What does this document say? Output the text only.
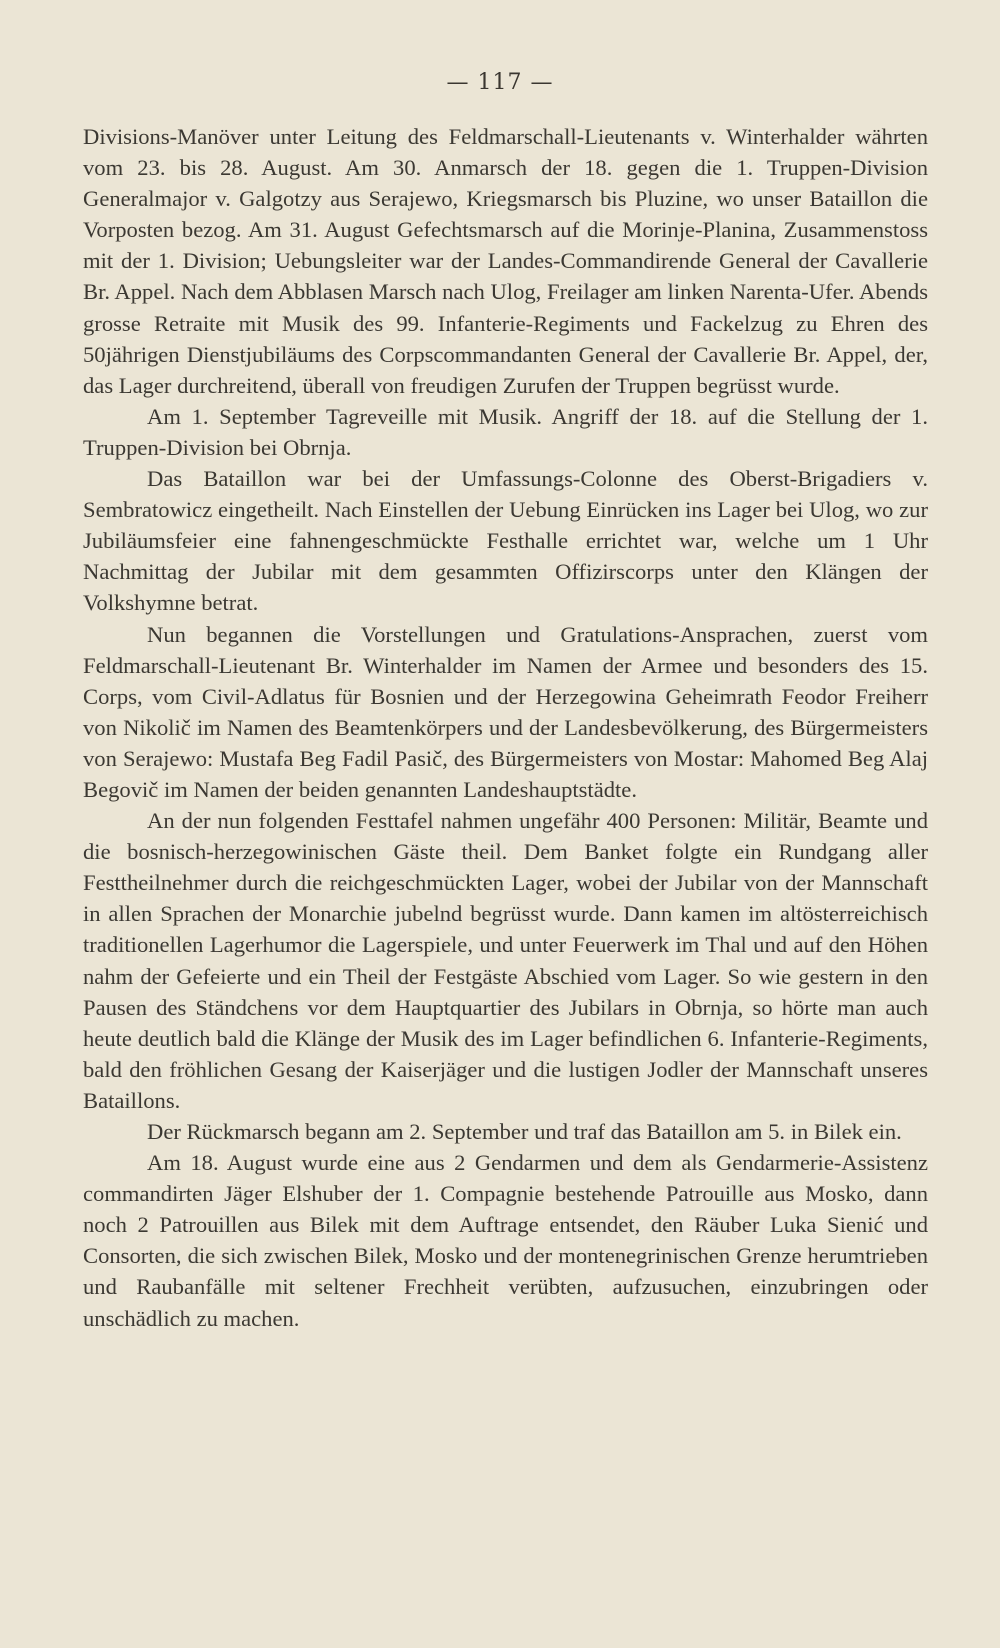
— 117 —

Divisions-Manöver unter Leitung des Feldmarschall-Lieutenants v. Winterhalder währten vom 23. bis 28. August. Am 30. Anmarsch der 18. gegen die 1. Truppen-Division Generalmajor v. Galgotzy aus Serajewo, Kriegsmarsch bis Pluzine, wo unser Bataillon die Vorposten bezog. Am 31. August Gefechtsmarsch auf die Morinje-Planina, Zusammenstoss mit der 1. Division; Uebungsleiter war der Landes-Commandirende General der Cavallerie Br. Appel. Nach dem Abblasen Marsch nach Ulog, Freilager am linken Narenta-Ufer. Abends grosse Retraite mit Musik des 99. Infanterie-Regiments und Fackelzug zu Ehren des 50jährigen Dienstjubiläums des Corpscommandanten General der Cavallerie Br. Appel, der, das Lager durchreitend, überall von freudigen Zurufen der Truppen begrüsst wurde.

Am 1. September Tagreveille mit Musik. Angriff der 18. auf die Stellung der 1. Truppen-Division bei Obrnja.

Das Bataillon war bei der Umfassungs-Colonne des Oberst-Brigadiers v. Sembratowicz eingetheilt. Nach Einstellen der Uebung Einrücken ins Lager bei Ulog, wo zur Jubiläumsfeier eine fahnengeschmückte Festhalle errichtet war, welche um 1 Uhr Nachmittag der Jubilar mit dem gesammten Offizirscorps unter den Klängen der Volkshymne betrat.

Nun begannen die Vorstellungen und Gratulations-Ansprachen, zuerst vom Feldmarschall-Lieutenant Br. Winterhalder im Namen der Armee und besonders des 15. Corps, vom Civil-Adlatus für Bosnien und der Herzegowina Geheimrath Feodor Freiherr von Nikolič im Namen des Beamtenkörpers und der Landesbevölkerung, des Bürgermeisters von Serajewo: Mustafa Beg Fadil Pasič, des Bürgermeisters von Mostar: Mahomed Beg Alaj Begovič im Namen der beiden genannten Landeshauptstädte.

An der nun folgenden Festtafel nahmen ungefähr 400 Personen: Militär, Beamte und die bosnisch-herzegowinischen Gäste theil. Dem Banket folgte ein Rundgang aller Festtheilnehmer durch die reichgeschmückten Lager, wobei der Jubilar von der Mannschaft in allen Sprachen der Monarchie jubelnd begrüsst wurde. Dann kamen im altösterreichisch traditionellen Lagerhumor die Lagerspiele, und unter Feuerwerk im Thal und auf den Höhen nahm der Gefeierte und ein Theil der Festgäste Abschied vom Lager. So wie gestern in den Pausen des Ständchens vor dem Hauptquartier des Jubilars in Obrnja, so hörte man auch heute deutlich bald die Klänge der Musik des im Lager befindlichen 6. Infanterie-Regiments, bald den fröhlichen Gesang der Kaiserjäger und die lustigen Jodler der Mannschaft unseres Bataillons.

Der Rückmarsch begann am 2. September und traf das Bataillon am 5. in Bilek ein.

Am 18. August wurde eine aus 2 Gendarmen und dem als Gendarmerie-Assistenz commandirten Jäger Elshuber der 1. Compagnie bestehende Patrouille aus Mosko, dann noch 2 Patrouillen aus Bilek mit dem Auftrage entsendet, den Räuber Luka Sienić und Consorten, die sich zwischen Bilek, Mosko und der montenegrinischen Grenze herumtrieben und Raubanfälle mit seltener Frechheit verübten, aufzusuchen, einzubringen oder unschädlich zu machen.
